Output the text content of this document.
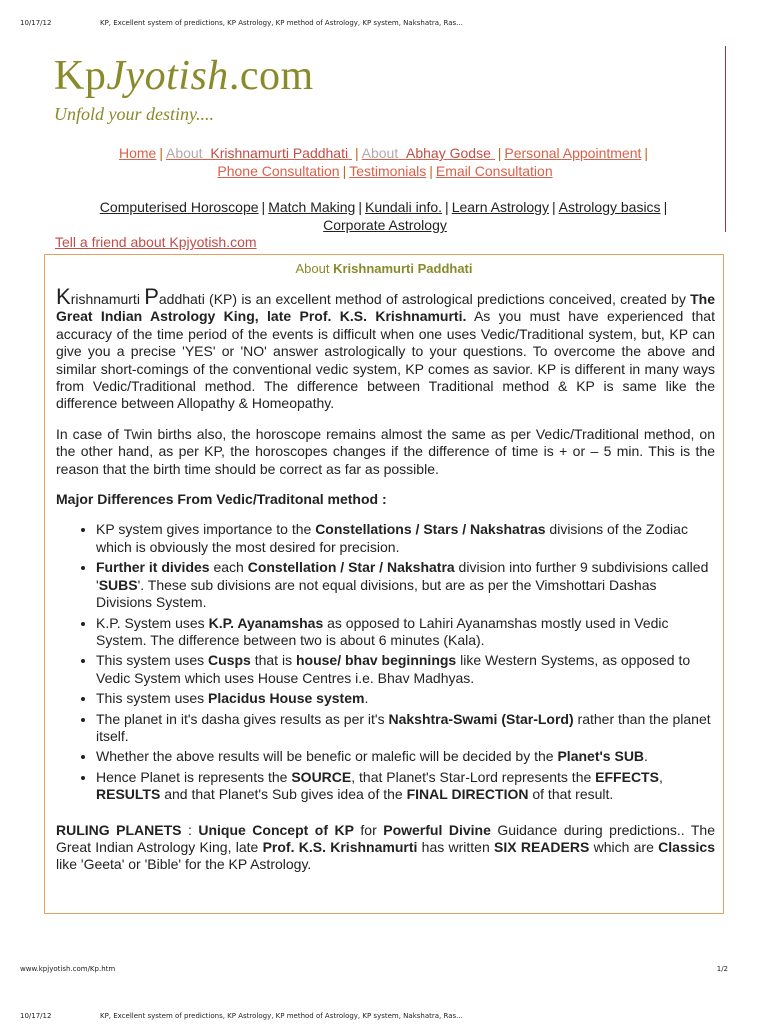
10/17/12	KP, Excellent system of predictions, KP Astrology, KP method of Astrology, KP system, Nakshatra, Ras...
KpJyotish.com
Unfold your destiny....
Home | About Krishnamurti Paddhati | About Abhay Godse | Personal Appointment |
Phone Consultation | Testimonials | Email Consultation
Computerised Horoscope | Match Making | Kundali info. | Learn Astrology | Astrology basics |
Corporate Astrology
Tell a friend about Kpjyotish.com
About Krishnamurti Paddhati

Krishnamurti Paddhati (KP) is an excellent method of astrological predictions conceived, created by The Great Indian Astrology King, late Prof. K.S. Krishnamurti. As you must have experienced that accuracy of the time period of the events is difficult when one uses Vedic/Traditional system, but, KP can give you a precise 'YES' or 'NO' answer astrologically to your questions. To overcome the above and similar short-comings of the conventional vedic system, KP comes as savior. KP is different in many ways from Vedic/Traditional method. The difference between Traditional method & KP is same like the difference between Allopathy & Homeopathy.

In case of Twin births also, the horoscope remains almost the same as per Vedic/Traditional method, on the other hand, as per KP, the horoscopes changes if the difference of time is + or – 5 min. This is the reason that the birth time should be correct as far as possible.

Major Differences From Vedic/Traditonal method :

• KP system gives importance to the Constellations / Stars / Nakshatras divisions of the Zodiac which is obviously the most desired for precision.
• Further it divides each Constellation / Star / Nakshatra division into further 9 subdivisions called 'SUBS'. These sub divisions are not equal divisions, but are as per the Vimshottari Dashas Divisions System.
• K.P. System uses K.P. Ayanamshas as opposed to Lahiri Ayanamshas mostly used in Vedic System. The difference between two is about 6 minutes (Kala).
• This system uses Cusps that is house/ bhav beginnings like Western Systems, as opposed to Vedic System which uses House Centres i.e. Bhav Madhyas.
• This system uses Placidus House system.
• The planet in it's dasha gives results as per it's Nakshtra-Swami (Star-Lord) rather than the planet itself.
• Whether the above results will be benefic or malefic will be decided by the Planet's SUB.
• Hence Planet is represents the SOURCE, that Planet's Star-Lord represents the EFFECTS, RESULTS and that Planet's Sub gives idea of the FINAL DIRECTION of that result.

RULING PLANETS : Unique Concept of KP for Powerful Divine Guidance during predictions.. The Great Indian Astrology King, late Prof. K.S. Krishnamurti has written SIX READERS which are Classics like 'Geeta' or 'Bible' for the KP Astrology.

www.kpjyotish.com/Kp.htm	1/2
10/17/12	KP, Excellent system of predictions, KP Astrology, KP method of Astrology, KP system, Nakshatra, Ras...
